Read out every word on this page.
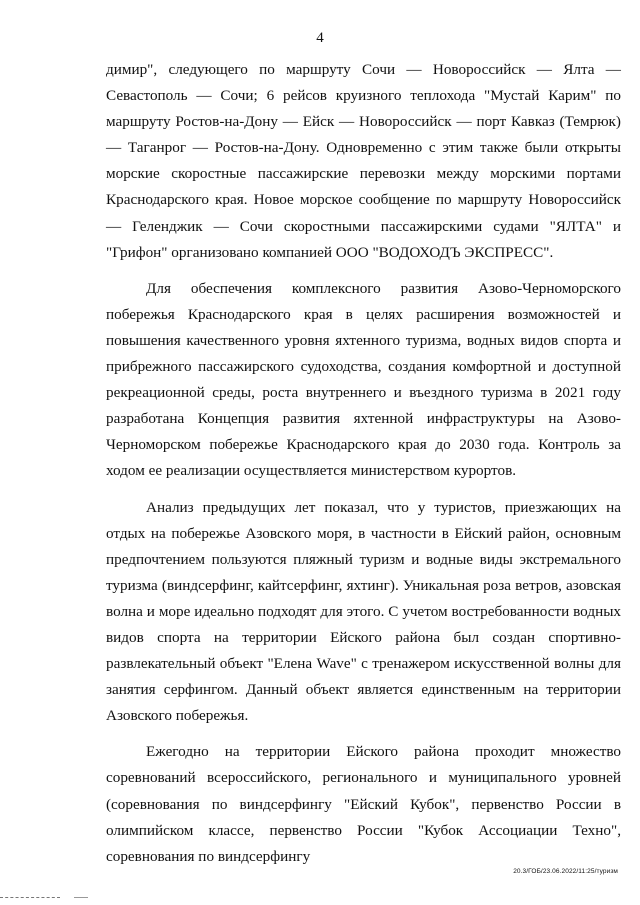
4

димир", следующего по маршруту Сочи — Новороссийск — Ялта — Севастополь — Сочи; 6 рейсов круизного теплохода "Мустай Карим" по маршруту Ростов-на-Дону — Ейск — Новороссийск — порт Кавказ (Темрюк) — Таганрог — Ростов-на-Дону. Одновременно с этим также были открыты морские скоростные пассажирские перевозки между морскими портами Краснодарского края. Новое морское сообщение по маршруту Новороссийск — Геленджик — Сочи скоростными пассажирскими судами "ЯЛТА" и "Грифон" организовано компанией ООО "ВОДОХОДЪ ЭКСПРЕСС".

Для обеспечения комплексного развития Азово-Черноморского побережья Краснодарского края в целях расширения возможностей и повышения качественного уровня яхтенного туризма, водных видов спорта и прибрежного пассажирского судоходства, создания комфортной и доступной рекреационной среды, роста внутреннего и въездного туризма в 2021 году разработана Концепция развития яхтенной инфраструктуры на Азово-Черноморском побережье Краснодарского края до 2030 года. Контроль за ходом ее реализации осуществляется министерством курортов.

Анализ предыдущих лет показал, что у туристов, приезжающих на отдых на побережье Азовского моря, в частности в Ейский район, основным предпочтением пользуются пляжный туризм и водные виды экстремального туризма (виндсерфинг, кайтсерфинг, яхтинг). Уникальная роза ветров, азовская волна и море идеально подходят для этого. С учетом востребованности водных видов спорта на территории Ейского района был создан спортивно-развлекательный объект "Елена Wave" с тренажером искусственной волны для занятия серфингом. Данный объект является единственным на территории Азовского побережья.

Ежегодно на территории Ейского района проходит множество соревнований всероссийского, регионального и муниципального уровней (соревнования по виндсерфингу "Ейский Кубок", первенство России в олимпийском классе, первенство России "Кубок Ассоциации Техно", соревнования по виндсерфингу

20.3/ГОБ/23.06.2022/11:25/туризм
